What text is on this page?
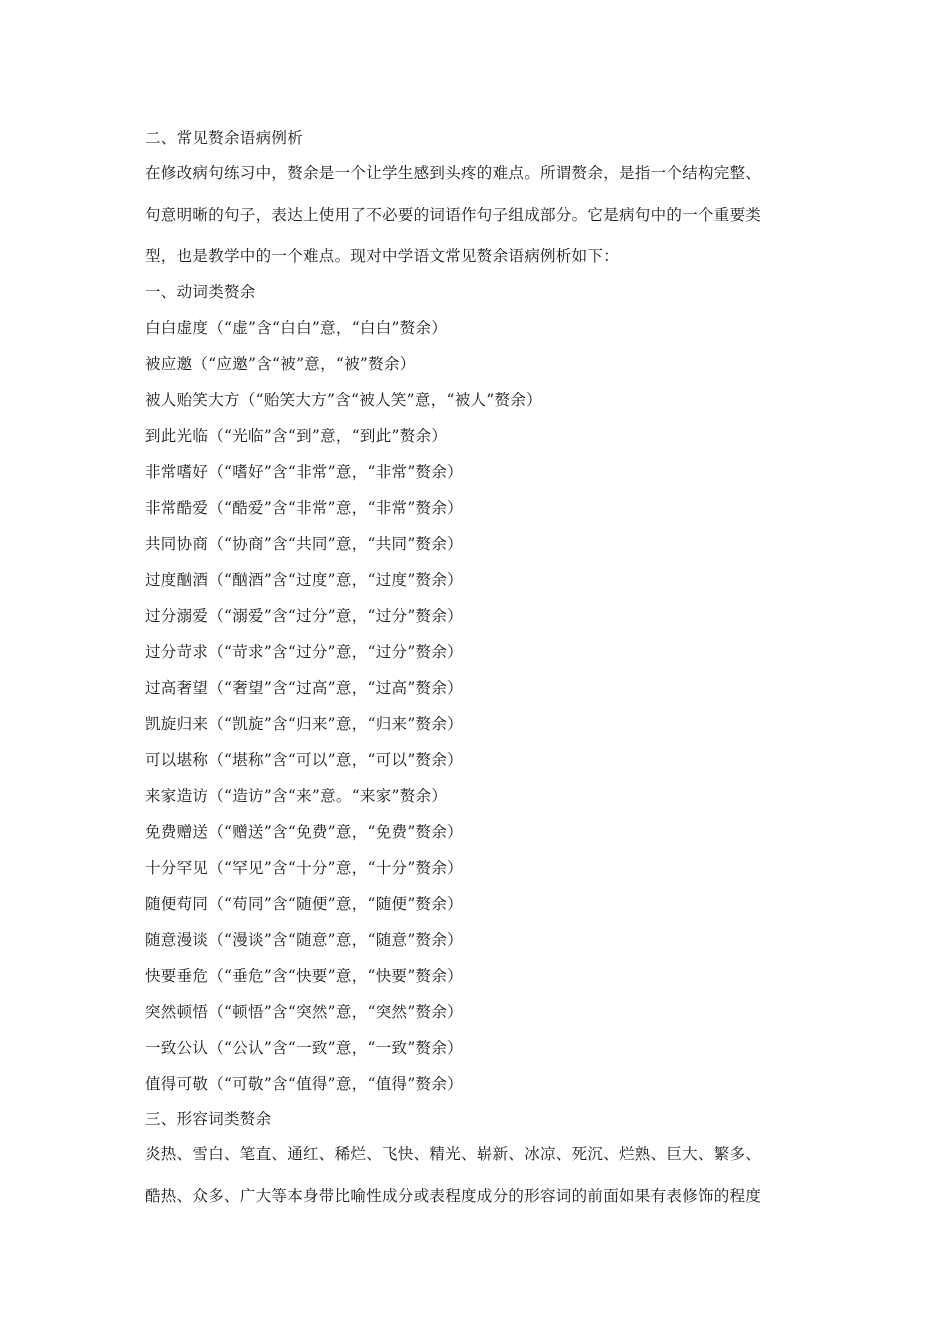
二、常见赘余语病例析
在修改病句练习中，赘余是一个让学生感到头疼的难点。所谓赘余，是指一个结构完整、
句意明晰的句子，表达上使用了不必要的词语作句子组成部分。它是病句中的一个重要类
型，也是教学中的一个难点。现对中学语文常见赘余语病例析如下：
一、动词类赘余
白白虚度（“虚”含“白白”意，“白白”赘余）
被应邀（“应邀”含“被”意，“被”赘余）
被人贻笑大方（“贻笑大方”含“被人笑”意，“被人”赘余）
到此光临（“光临”含“到”意，“到此”赘余）
非常嗜好（“嗜好”含“非常”意，“非常”赘余）
非常酷爱（“酷爱”含“非常”意，“非常”赘余）
共同协商（“协商”含“共同”意，“共同”赘余）
过度酗酒（“酗酒”含“过度”意，“过度”赘余）
过分溺爱（“溺爱”含“过分”意，“过分”赘余）
过分苛求（“苛求”含“过分”意，“过分”赘余）
过高奢望（“奢望”含“过高”意，“过高”赘余）
凯旋归来（“凯旋”含“归来”意，“归来”赘余）
可以堪称（“堪称”含“可以”意，“可以”赘余）
来家造访（“造访”含“来”意。“来家”赘余）
免费赠送（“赠送”含“免费”意，“免费”赘余）
十分罕见（“罕见”含“十分”意，“十分”赘余）
随便苟同（“苟同”含“随便”意，“随便”赘余）
随意漫谈（“漫谈”含“随意”意，“随意”赘余）
快要垂危（“垂危”含“快要”意，“快要”赘余）
突然顿悟（“顿悟”含“突然”意，“突然”赘余）
一致公认（“公认”含“一致”意，“一致”赘余）
值得可敬（“可敬”含“值得”意，“值得”赘余）
三、形容词类赘余
炎热、雪白、笔直、通红、稀烂、飞快、精光、崭新、冰凉、死沉、烂熟、巨大、繁多、
酷热、众多、广大等本身带比喻性成分或表程度成分的形容词的前面如果有表修饰的程度
